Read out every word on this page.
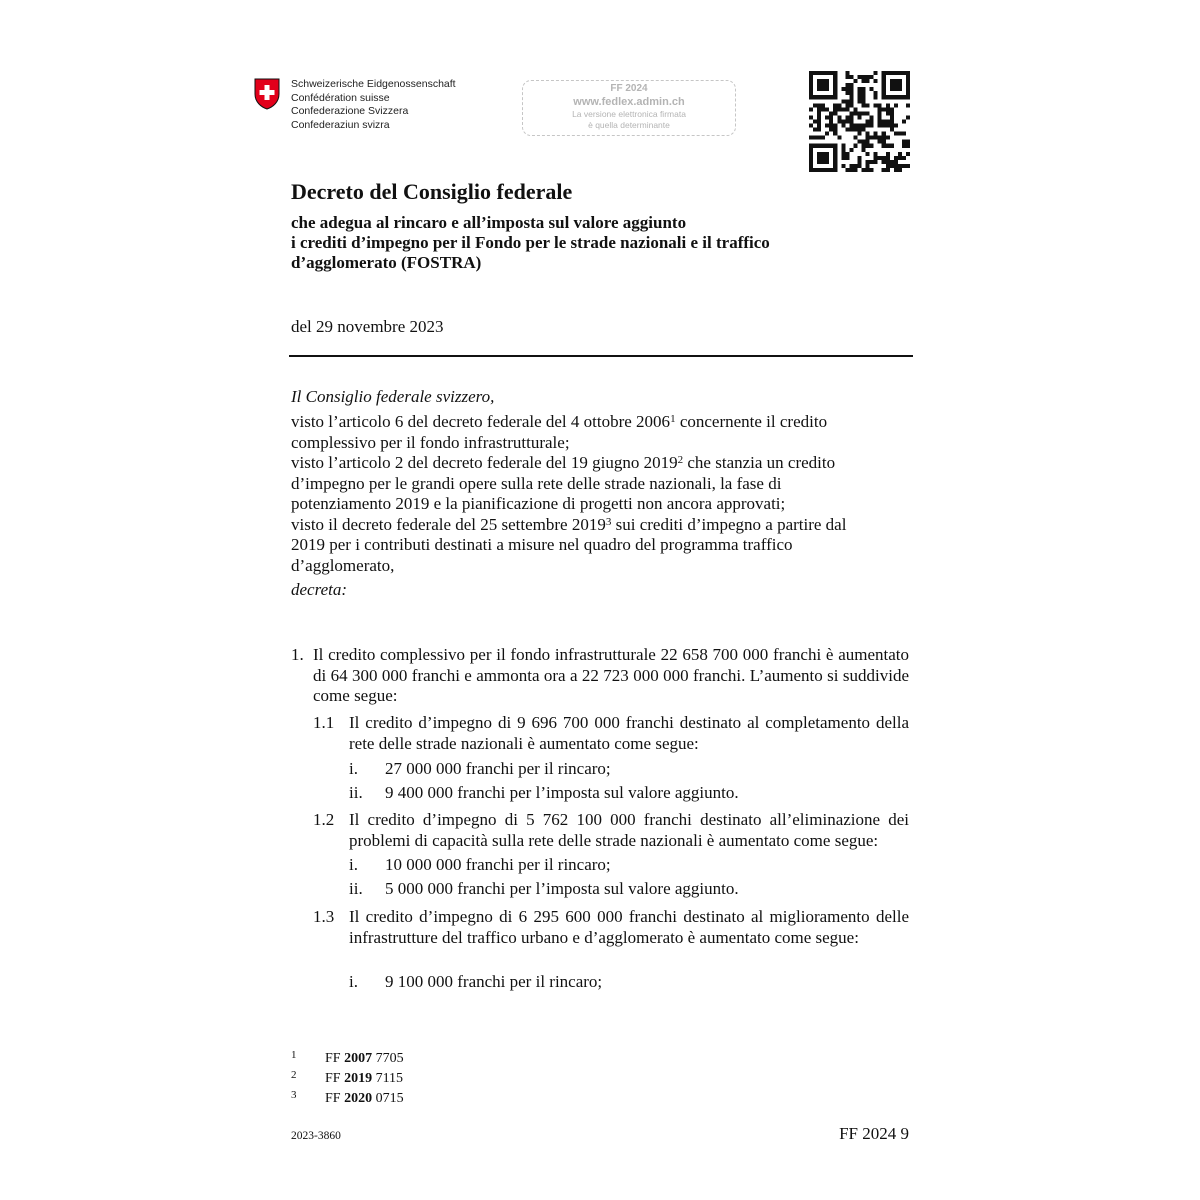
Schweizerische Eidgenossenschaft
Confédération suisse
Confederazione Svizzera
Confederaziun svizra
FF 2024
www.fedlex.admin.ch
La versione elettronica firmata
è quella determinante
Decreto del Consiglio federale
che adegua al rincaro e all’imposta sul valore aggiunto
i crediti d’impegno per il Fondo per le strade nazionali e il traffico
d’agglomerato (FOSTRA)
del 29 novembre 2023
Il Consiglio federale svizzero,
visto l’articolo 6 del decreto federale del 4 ottobre 2006$^1$ concernente il credito
complessivo per il fondo infrastrutturale;
visto l’articolo 2 del decreto federale del 19 giugno 2019$^2$ che stanzia un credito
d’impegno per le grandi opere sulla rete delle strade nazionali, la fase di
potenziamento 2019 e la pianificazione di progetti non ancora approvati;
visto il decreto federale del 25 settembre 2019$^3$ sui crediti d’impegno a partire dal
2019 per i contributi destinati a misure nel quadro del programma traffico
d’agglomerato,
decreta:
1. Il credito complessivo per il fondo infrastrutturale 22 658 700 000 franchi è aumentato di 64 300 000 franchi e ammonta ora a 22 723 000 000 franchi. L’aumento si suddivide come segue:
1.1 Il credito d’impegno di 9 696 700 000 franchi destinato al completamento della rete delle strade nazionali è aumentato come segue:
i. 27 000 000 franchi per il rincaro;
ii. 9 400 000 franchi per l’imposta sul valore aggiunto.
1.2 Il credito d’impegno di 5 762 100 000 franchi destinato all’eliminazione dei problemi di capacità sulla rete delle strade nazionali è aumentato come segue:
i. 10 000 000 franchi per il rincaro;
ii. 5 000 000 franchi per l’imposta sul valore aggiunto.
1.3 Il credito d’impegno di 6 295 600 000 franchi destinato al miglioramento delle infrastrutture del traffico urbano e d’agglomerato è aumentato come segue:
i. 9 100 000 franchi per il rincaro;
1 FF 2007 7705
2 FF 2019 7115
3 FF 2020 0715
2023-3860	FF 2024 9
